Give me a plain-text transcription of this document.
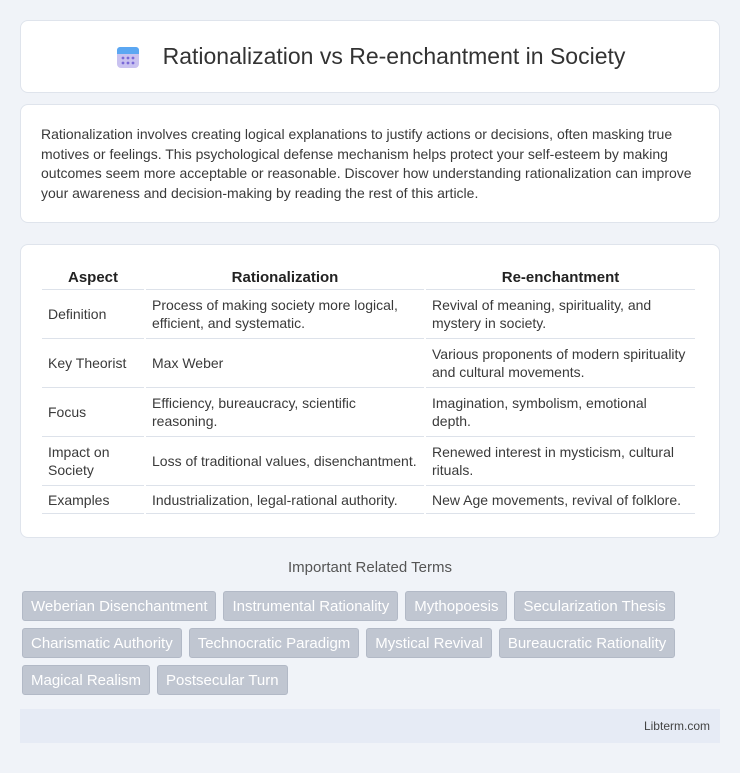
Rationalization vs Re-enchantment in Society

Rationalization involves creating logical explanations to justify actions or decisions, often masking true motives or feelings. This psychological defense mechanism helps protect your self-esteem by making outcomes seem more acceptable or reasonable. Discover how understanding rationalization can improve your awareness and decision-making by reading the rest of this article.

Aspect	Rationalization	Re-enchantment
Definition	Process of making society more logical, efficient, and systematic.	Revival of meaning, spirituality, and mystery in society.
Key Theorist	Max Weber	Various proponents of modern spirituality and cultural movements.
Focus	Efficiency, bureaucracy, scientific reasoning.	Imagination, symbolism, emotional depth.
Impact on Society	Loss of traditional values, disenchantment.	Renewed interest in mysticism, cultural rituals.
Examples	Industrialization, legal-rational authority.	New Age movements, revival of folklore.
Important Related Terms
Weberian Disenchantment	Instrumental Rationality	Mythopoesis	Secularization Thesis
Charismatic Authority	Technocratic Paradigm	Mystical Revival	Bureaucratic Rationality
Magical Realism	Postsecular Turn
Libterm.com
